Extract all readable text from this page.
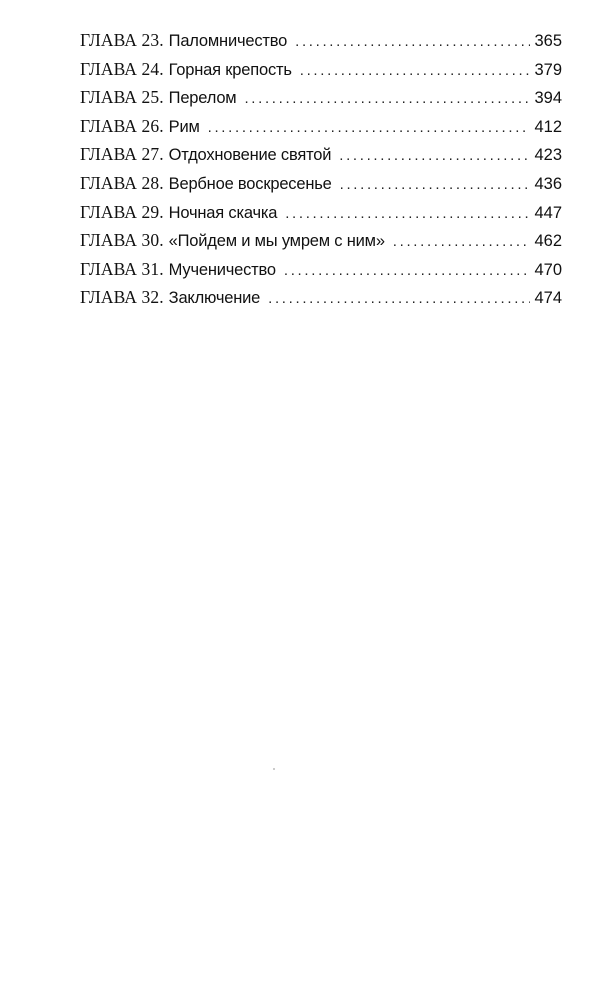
ГЛАВА 23. Паломничество . . .	365
ГЛАВА 24. Горная крепость . . .	379
ГЛАВА 25. Перелом . . .	394
ГЛАВА 26. Рим . . .	412
ГЛАВА 27. Отдохновение святой . . .	423
ГЛАВА 28. Вербное воскресенье . . .	436
ГЛАВА 29. Ночная скачка . . .	447
ГЛАВА 30. «Пойдем и мы умрем с ним» . . .	462
ГЛАВА 31. Мученичество . . .	470
ГЛАВА 32. Заключение . . .	474
